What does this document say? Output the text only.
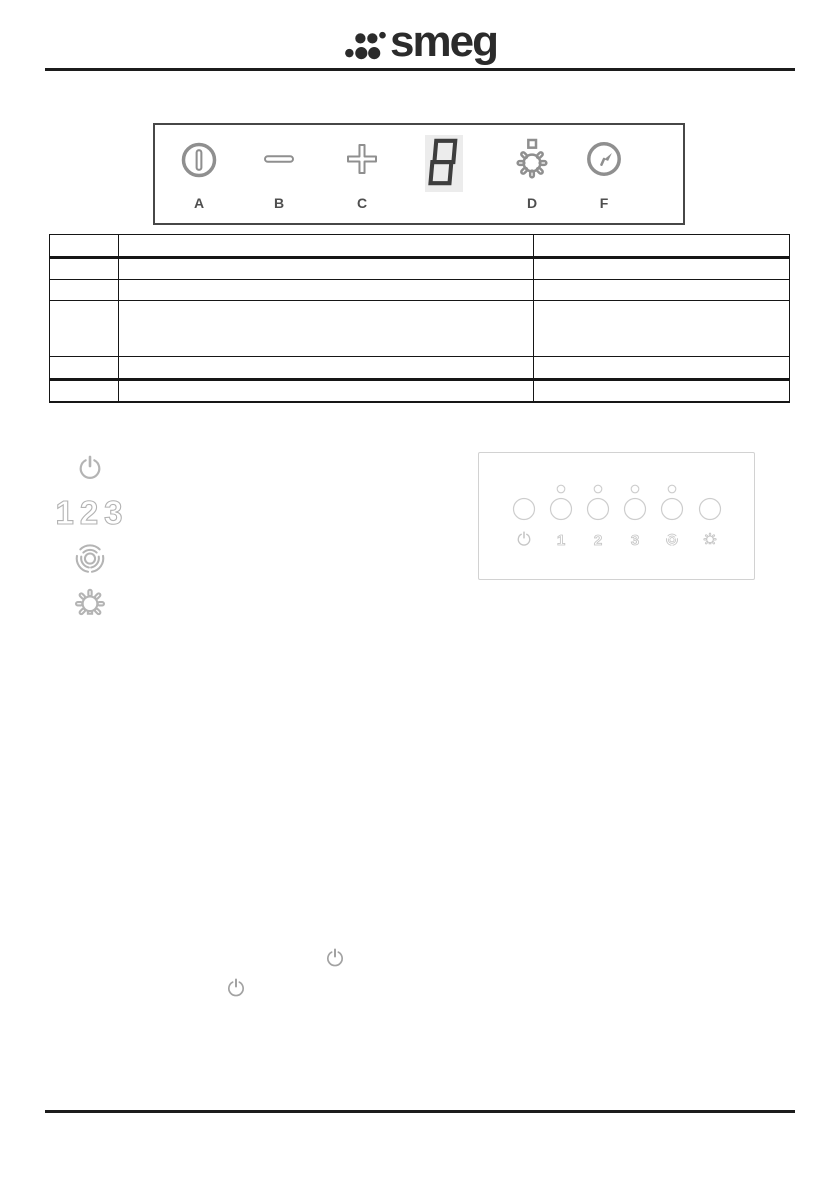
smeg
A	B	C	D	F

123
1 2 3
